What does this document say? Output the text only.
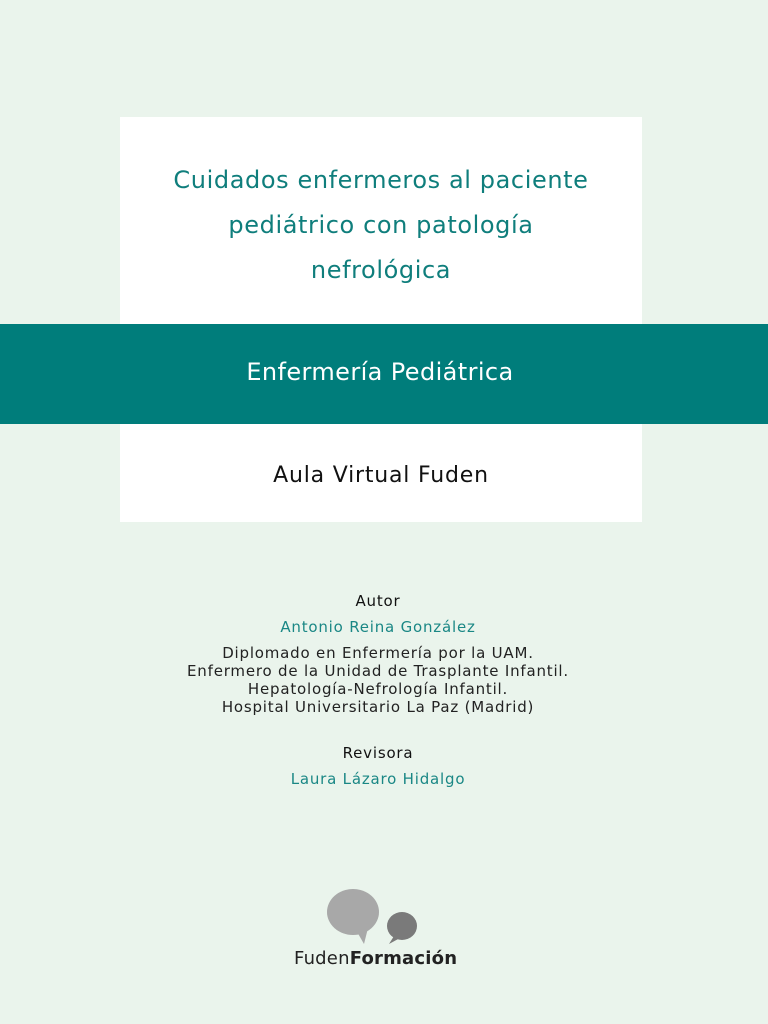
Cuidados enfermeros al paciente
pediátrico con patología
nefrológica
Enfermería Pediátrica
Aula Virtual Fuden
Autor
Antonio Reina González
Diplomado en Enfermería por la UAM.
Enfermero de la Unidad de Trasplante Infantil.
Hepatología-Nefrología Infantil.
Hospital Universitario La Paz (Madrid)
Revisora
Laura Lázaro Hidalgo
FudenFormación
